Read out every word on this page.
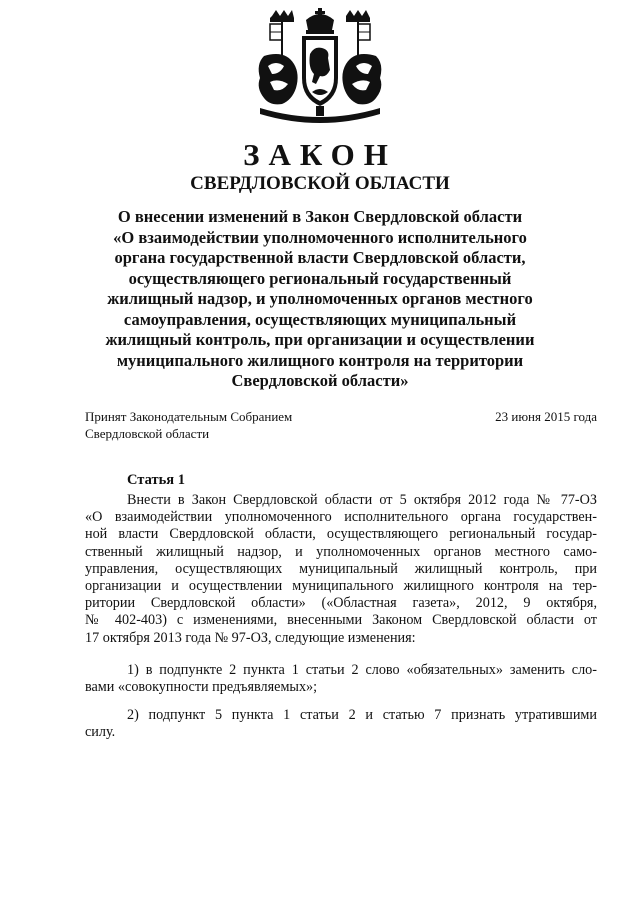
ЗАКОН
СВЕРДЛОВСКОЙ ОБЛАСТИ
О внесении изменений в Закон Свердловской области
«О взаимодействии уполномоченного исполнительного
органа государственной власти Свердловской области,
осуществляющего региональный государственный
жилищный надзор, и уполномоченных органов местного
самоуправления, осуществляющих муниципальный
жилищный контроль, при организации и осуществлении
муниципального жилищного контроля на территории
Свердловской области»
Принят Законодательным Собранием
Свердловской области
23 июня 2015 года
Статья 1
Внести в Закон Свердловской области от 5 октября 2012 года № 77-ОЗ
«О взаимодействии уполномоченного исполнительного органа государствен-
ной власти Свердловской области, осуществляющего региональный государ-
ственный жилищный надзор, и уполномоченных органов местного само-
управления, осуществляющих муниципальный жилищный контроль, при
организации и осуществлении муниципального жилищного контроля на тер-
ритории Свердловской области» («Областная газета», 2012, 9 октября,
№ 402-403) с изменениями, внесенными Законом Свердловской области от
17 октября 2013 года № 97-ОЗ, следующие изменения:
1) в подпункте 2 пункта 1 статьи 2 слово «обязательных» заменить сло-
вами «совокупности предъявляемых»;
2) подпункт 5 пункта 1 статьи 2 и статью 7 признать утратившими
силу.
